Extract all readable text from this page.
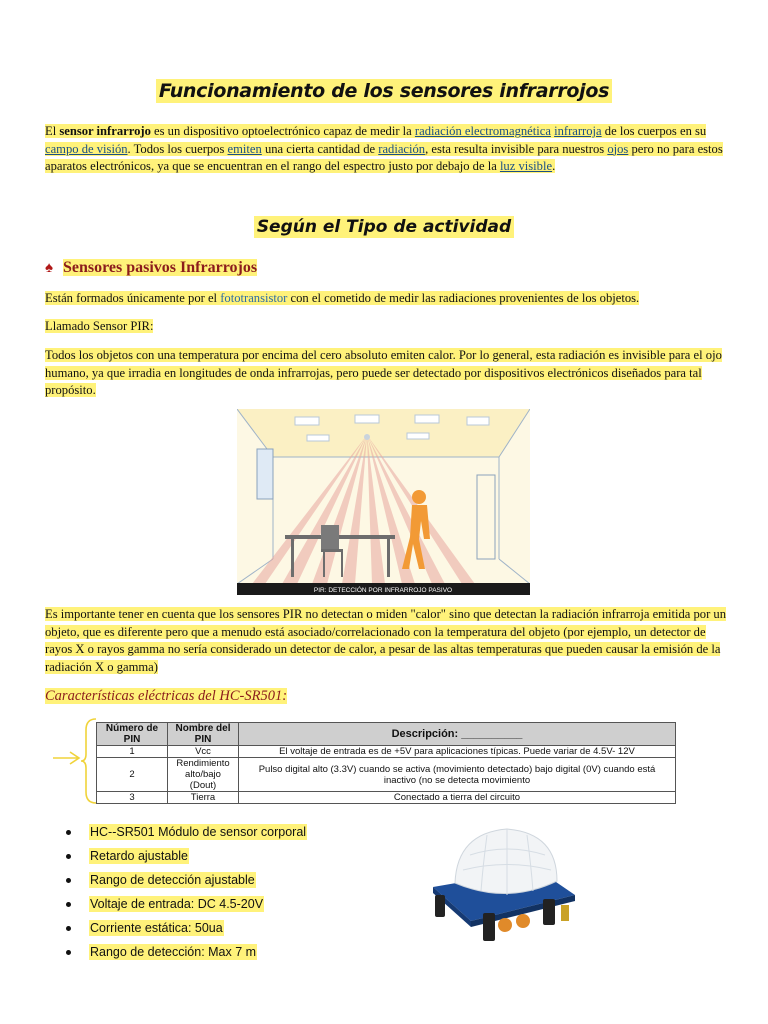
Funcionamiento de los sensores infrarrojos
El sensor infrarrojo es un dispositivo optoelectrónico capaz de medir la radiación electromagnética infrarroja de los cuerpos en su campo de visión. Todos los cuerpos emiten una cierta cantidad de radiación, esta resulta invisible para nuestros ojos pero no para estos aparatos electrónicos, ya que se encuentran en el rango del espectro justo por debajo de la luz visible.
Según el Tipo de actividad
♠ Sensores pasivos Infrarrojos
Están formados únicamente por el fototransistor con el cometido de medir las radiaciones provenientes de los objetos.
Llamado Sensor PIR:
Todos los objetos con una temperatura por encima del cero absoluto emiten calor. Por lo general, esta radiación es invisible para el ojo humano, ya que irradia en longitudes de onda infrarrojas, pero puede ser detectado por dispositivos electrónicos diseñados para tal propósito.
PIR: DETECCIÓN POR INFRARROJO PASIVO
Es importante tener en cuenta que los sensores PIR no detectan o miden "calor" sino que detectan la radiación infrarroja emitida por un objeto, que es diferente pero que a menudo está asociado/correlacionado con la temperatura del objeto (por ejemplo, un detector de rayos X o rayos gamma no sería considerado un detector de calor, a pesar de las altas temperaturas que pueden causar la emisión de la radiación X o gamma)
Características eléctricas del HC-SR501:
Número de PIN	Nombre del PIN	Descripción: __________
1	Vcc	El voltaje de entrada es de +5V para aplicaciones típicas. Puede variar de 4.5V- 12V
2	Rendimiento alto/bajo (Dout)	Pulso digital alto (3.3V) cuando se activa (movimiento detectado) bajo digital (0V) cuando está inactivo (no se detecta movimiento
3	Tierra	Conectado a tierra del circuito
HC--SR501 Módulo de sensor corporal
Retardo ajustable
Rango de detección ajustable
Voltaje de entrada: DC 4.5-20V
Corriente estática: 50ua
Rango de detección: Max 7 m
